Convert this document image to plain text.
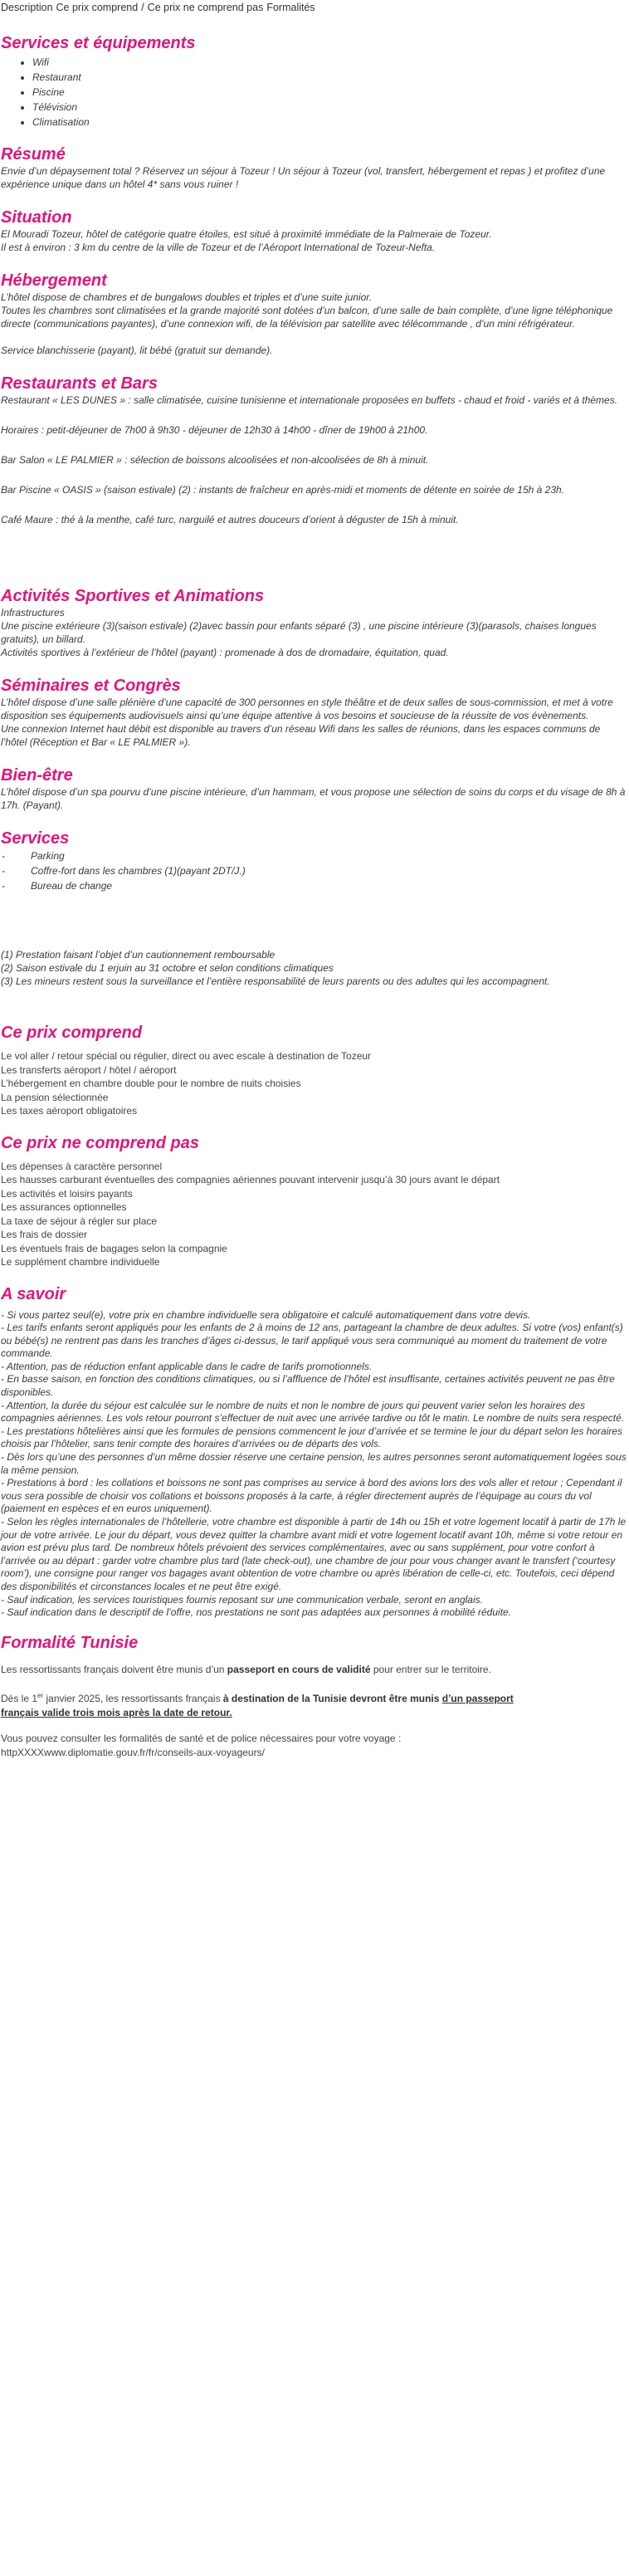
Description Ce prix comprend / Ce prix ne comprend pas Formalités
Services et équipements
• Wifi
• Restaurant
• Piscine
• Télévision
• Climatisation
Résumé

Envie d’un dépaysement total ? Réservez un séjour à Tozeur ! Un séjour à Tozeur (vol, transfert, hébergement et repas ) et profitez d’une expérience unique dans un hôtel 4* sans vous ruiner !

Situation

El Mouradi Tozeur, hôtel de catégorie quatre étoiles, est situé à proximité immédiate de la Palmeraie de Tozeur.

Il est à environ : 3 km du centre de la ville de Tozeur et de l’Aéroport International de Tozeur-Nefta.

Hébergement

L’hôtel dispose de chambres et de bungalows doubles et triples et d’une suite junior.

Toutes les chambres sont climatisées et la grande majorité sont dotées d’un balcon, d’une salle de bain complète, d’une ligne téléphonique directe (communications payantes), d’une connexion wifi, de la télévision par satellite avec télécommande , d’un mini réfrigérateur.

Service blanchisserie (payant), lit bébé (gratuit sur demande).

Restaurants et Bars

Restaurant « LES DUNES » : salle climatisée, cuisine tunisienne et internationale proposées en buffets - chaud et froid - variés et à thèmes.

Horaires : petit-déjeuner de 7h00 à 9h30 - déjeuner de 12h30 à 14h00 - dîner de 19h00 à 21h00.

Bar Salon « LE PALMIER » : sélection de boissons alcoolisées et non-alcoolisées de 8h à minuit.

Bar Piscine « OASIS » (saison estivale) (2) : instants de fraîcheur en après-midi et moments de détente en soirée de 15h à 23h.

Café Maure : thé à la menthe, café turc, narguilé et autres douceurs d’orient à déguster de 15h à minuit.

Activités Sportives et Animations

Infrastructures

Une piscine extérieure (3)(saison estivale) (2)avec bassin pour enfants séparé (3) , une piscine intérieure (3)(parasols, chaises longues gratuits), un billard.

Activités sportives à l’extérieur de l’hôtel (payant) : promenade à dos de dromadaire, équitation, quad.

Séminaires et Congrès

L’hôtel dispose d’une salle plénière d’une capacité de 300 personnes en style théâtre et de deux salles de sous-commission, et met à votre disposition ses équipements audiovisuels ainsi qu’une équipe attentive à vos besoins et soucieuse de la réussite de vos évènements.

Une connexion Internet haut débit est disponible au travers d’un réseau Wifi dans les salles de réunions, dans les espaces communs de l’hôtel (Réception et Bar « LE PALMIER »).

Bien-être

L’hôtel dispose d’un spa pourvu d’une piscine intérieure, d’un hammam, et vous propose une sélection de soins du corps et du visage de 8h à 17h. (Payant).

Services

-	Parking

-	Coffre-fort dans les chambres (1)(payant 2DT/J.)

-	Bureau de change

(1) Prestation faisant l’objet d’un cautionnement remboursable

(2) Saison estivale du 1 erjuin au 31 octobre et selon conditions climatiques

(3) Les mineurs restent sous la surveillance et l’entière responsabilité de leurs parents ou des adultes qui les accompagnent.

Ce prix comprend

Le vol aller / retour spécial ou régulier, direct ou avec escale à destination de Tozeur

Les transferts aéroport / hôtel / aéroport

L’hébergement en chambre double pour le nombre de nuits choisies

La pension sélectionnée

Les taxes aéroport obligatoires

Ce prix ne comprend pas

Les dépenses à caractère personnel

Les hausses carburant éventuelles des compagnies aériennes pouvant intervenir jusqu’à 30 jours avant le départ

Les activités et loisirs payants

Les assurances optionnelles

La taxe de séjour à régler sur place

Les frais de dossier

Les éventuels frais de bagages selon la compagnie

Le supplément chambre individuelle

A savoir

- Si vous partez seul(e), votre prix en chambre individuelle sera obligatoire et calculé automatiquement dans votre devis.

- Les tarifs enfants seront appliqués pour les enfants de 2 à moins de 12 ans, partageant la chambre de deux adultes. Si votre (vos) enfant(s) ou bébé(s) ne rentrent pas dans les tranches d’âges ci-dessus, le tarif appliqué vous sera communiqué au moment du traitement de votre commande.

- Attention, pas de réduction enfant applicable dans le cadre de tarifs promotionnels.

- En basse saison, en fonction des conditions climatiques, ou si l’affluence de l’hôtel est insuffisante, certaines activités peuvent ne pas être disponibles.

- Attention, la durée du séjour est calculée sur le nombre de nuits et non le nombre de jours qui peuvent varier selon les horaires des compagnies aériennes. Les vols retour pourront s’effectuer de nuit avec une arrivée tardive ou tôt le matin. Le nombre de nuits sera respecté.

- Les prestations hôtelières ainsi que les formules de pensions commencent le jour d’arrivée et se termine le jour du départ selon les horaires choisis par l’hôtelier, sans tenir compte des horaires d’arrivées ou de départs des vols.

- Dès lors qu’une des personnes d’un même dossier réserve une certaine pension, les autres personnes seront automatiquement logées sous la même pension.

- Prestations à bord : les collations et boissons ne sont pas comprises au service à bord des avions lors des vols aller et retour ; Cependant il vous sera possible de choisir vos collations et boissons proposés à la carte, à régler directement auprès de l’équipage au cours du vol (paiement en espèces et en euros uniquement).

- Selon les règles internationales de l’hôtellerie, votre chambre est disponible à partir de 14h ou 15h et votre logement locatif à partir de 17h le jour de votre arrivée. Le jour du départ, vous devez quitter la chambre avant midi et votre logement locatif avant 10h, même si votre retour en avion est prévu plus tard. De nombreux hôtels prévoient des services complémentaires, avec ou sans supplément, pour votre confort à l’arrivée ou au départ : garder votre chambre plus tard (late check-out), une chambre de jour pour vous changer avant le transfert (‘courtesy room’), une consigne pour ranger vos bagages avant obtention de votre chambre ou après libération de celle-ci, etc. Toutefois, ceci dépend des disponibilités et circonstances locales et ne peut être exigé.

- Sauf indication, les services touristiques fournis reposant sur une communication verbale, seront en anglais.

- Sauf indication dans le descriptif de l’offre, nos prestations ne sont pas adaptées aux personnes à mobilité réduite.

Formalité Tunisie

Les ressortissants français doivent être munis d’un passeport en cours de validité pour entrer sur le territoire.

Dès le 1er janvier 2025, les ressortissants français à destination de la Tunisie devront être munis d’un passeport
français valide trois mois après la date de retour.

Vous pouvez consulter les formalités de santé et de police nécessaires pour votre voyage :

httpXXXXwww.diplomatie.gouv.fr/fr/conseils-aux-voyageurs/
